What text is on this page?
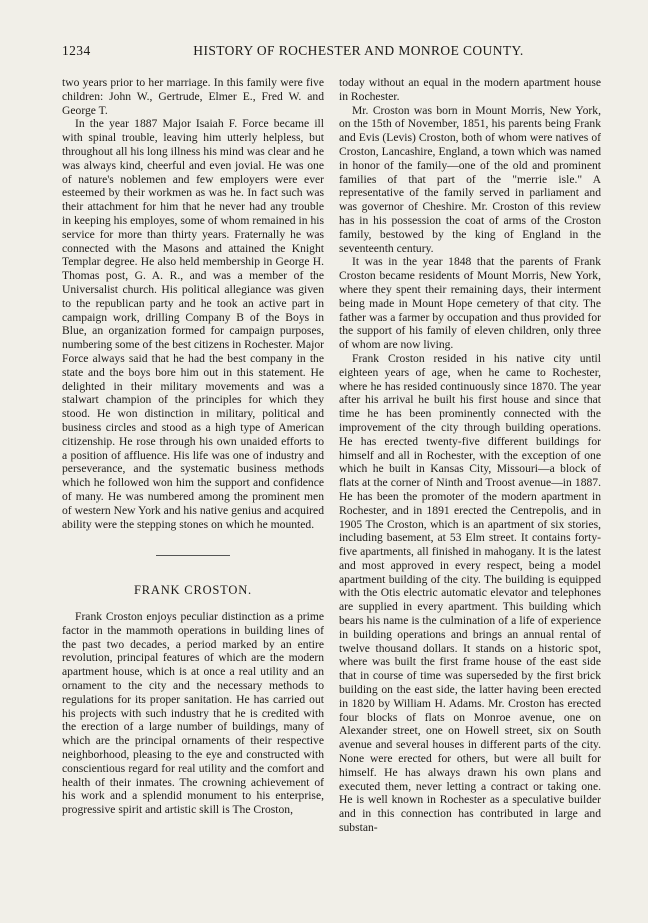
1234	HISTORY OF ROCHESTER AND MONROE COUNTY.

two years prior to her marriage. In this family were five children: John W., Gertrude, Elmer E., Fred W. and George T.

In the year 1887 Major Isaiah F. Force became ill with spinal trouble, leaving him utterly helpless, but throughout all his long illness his mind was clear and he was always kind, cheerful and even jovial. He was one of nature's noblemen and few employers were ever esteemed by their workmen as was he. In fact such was their attachment for him that he never had any trouble in keeping his employes, some of whom remained in his service for more than thirty years. Fraternally he was connected with the Masons and attained the Knight Templar degree. He also held membership in George H. Thomas post, G. A. R., and was a member of the Universalist church. His political allegiance was given to the republican party and he took an active part in campaign work, drilling Company B of the Boys in Blue, an organization formed for campaign purposes, numbering some of the best citizens in Rochester. Major Force always said that he had the best company in the state and the boys bore him out in this statement. He delighted in their military movements and was a stalwart champion of the principles for which they stood. He won distinction in military, political and business circles and stood as a high type of American citizenship. He rose through his own unaided efforts to a position of affluence. His life was one of industry and perseverance, and the systematic business methods which he followed won him the support and confidence of many. He was numbered among the prominent men of western New York and his native genius and acquired ability were the stepping stones on which he mounted.

FRANK CROSTON.

Frank Croston enjoys peculiar distinction as a prime factor in the mammoth operations in building lines of the past two decades, a period marked by an entire revolution, principal features of which are the modern apartment house, which is at once a real utility and an ornament to the city and the necessary methods to regulations for its proper sanitation. He has carried out his projects with such industry that he is credited with the erection of a large number of buildings, many of which are the principal ornaments of their respective neighborhood, pleasing to the eye and constructed with conscientious regard for real utility and the comfort and health of their inmates. The crowning achievement of his work and a splendid monument to his enterprise, progressive spirit and artistic skill is The Croston,

today without an equal in the modern apartment house in Rochester.

Mr. Croston was born in Mount Morris, New York, on the 15th of November, 1851, his parents being Frank and Evis (Levis) Croston, both of whom were natives of Croston, Lancashire, England, a town which was named in honor of the family—one of the old and prominent families of that part of the "merrie isle." A representative of the family served in parliament and was governor of Cheshire. Mr. Croston of this review has in his possession the coat of arms of the Croston family, bestowed by the king of England in the seventeenth century.

It was in the year 1848 that the parents of Frank Croston became residents of Mount Morris, New York, where they spent their remaining days, their interment being made in Mount Hope cemetery of that city. The father was a farmer by occupation and thus provided for the support of his family of eleven children, only three of whom are now living.

Frank Croston resided in his native city until eighteen years of age, when he came to Rochester, where he has resided continuously since 1870. The year after his arrival he built his first house and since that time he has been prominently connected with the improvement of the city through building operations. He has erected twenty-five different buildings for himself and all in Rochester, with the exception of one which he built in Kansas City, Missouri—a block of flats at the corner of Ninth and Troost avenue—in 1887. He has been the promoter of the modern apartment in Rochester, and in 1891 erected the Centrepolis, and in 1905 The Croston, which is an apartment of six stories, including basement, at 53 Elm street. It contains forty-five apartments, all finished in mahogany. It is the latest and most approved in every respect, being a model apartment building of the city. The building is equipped with the Otis electric automatic elevator and telephones are supplied in every apartment. This building which bears his name is the culmination of a life of experience in building operations and brings an annual rental of twelve thousand dollars. It stands on a historic spot, where was built the first frame house of the east side that in course of time was superseded by the first brick building on the east side, the latter having been erected in 1820 by William H. Adams. Mr. Croston has erected four blocks of flats on Monroe avenue, one on Alexander street, one on Howell street, six on South avenue and several houses in different parts of the city. None were erected for others, but were all built for himself. He has always drawn his own plans and executed them, never letting a contract or taking one. He is well known in Rochester as a speculative builder and in this connection has contributed in large and substan-
